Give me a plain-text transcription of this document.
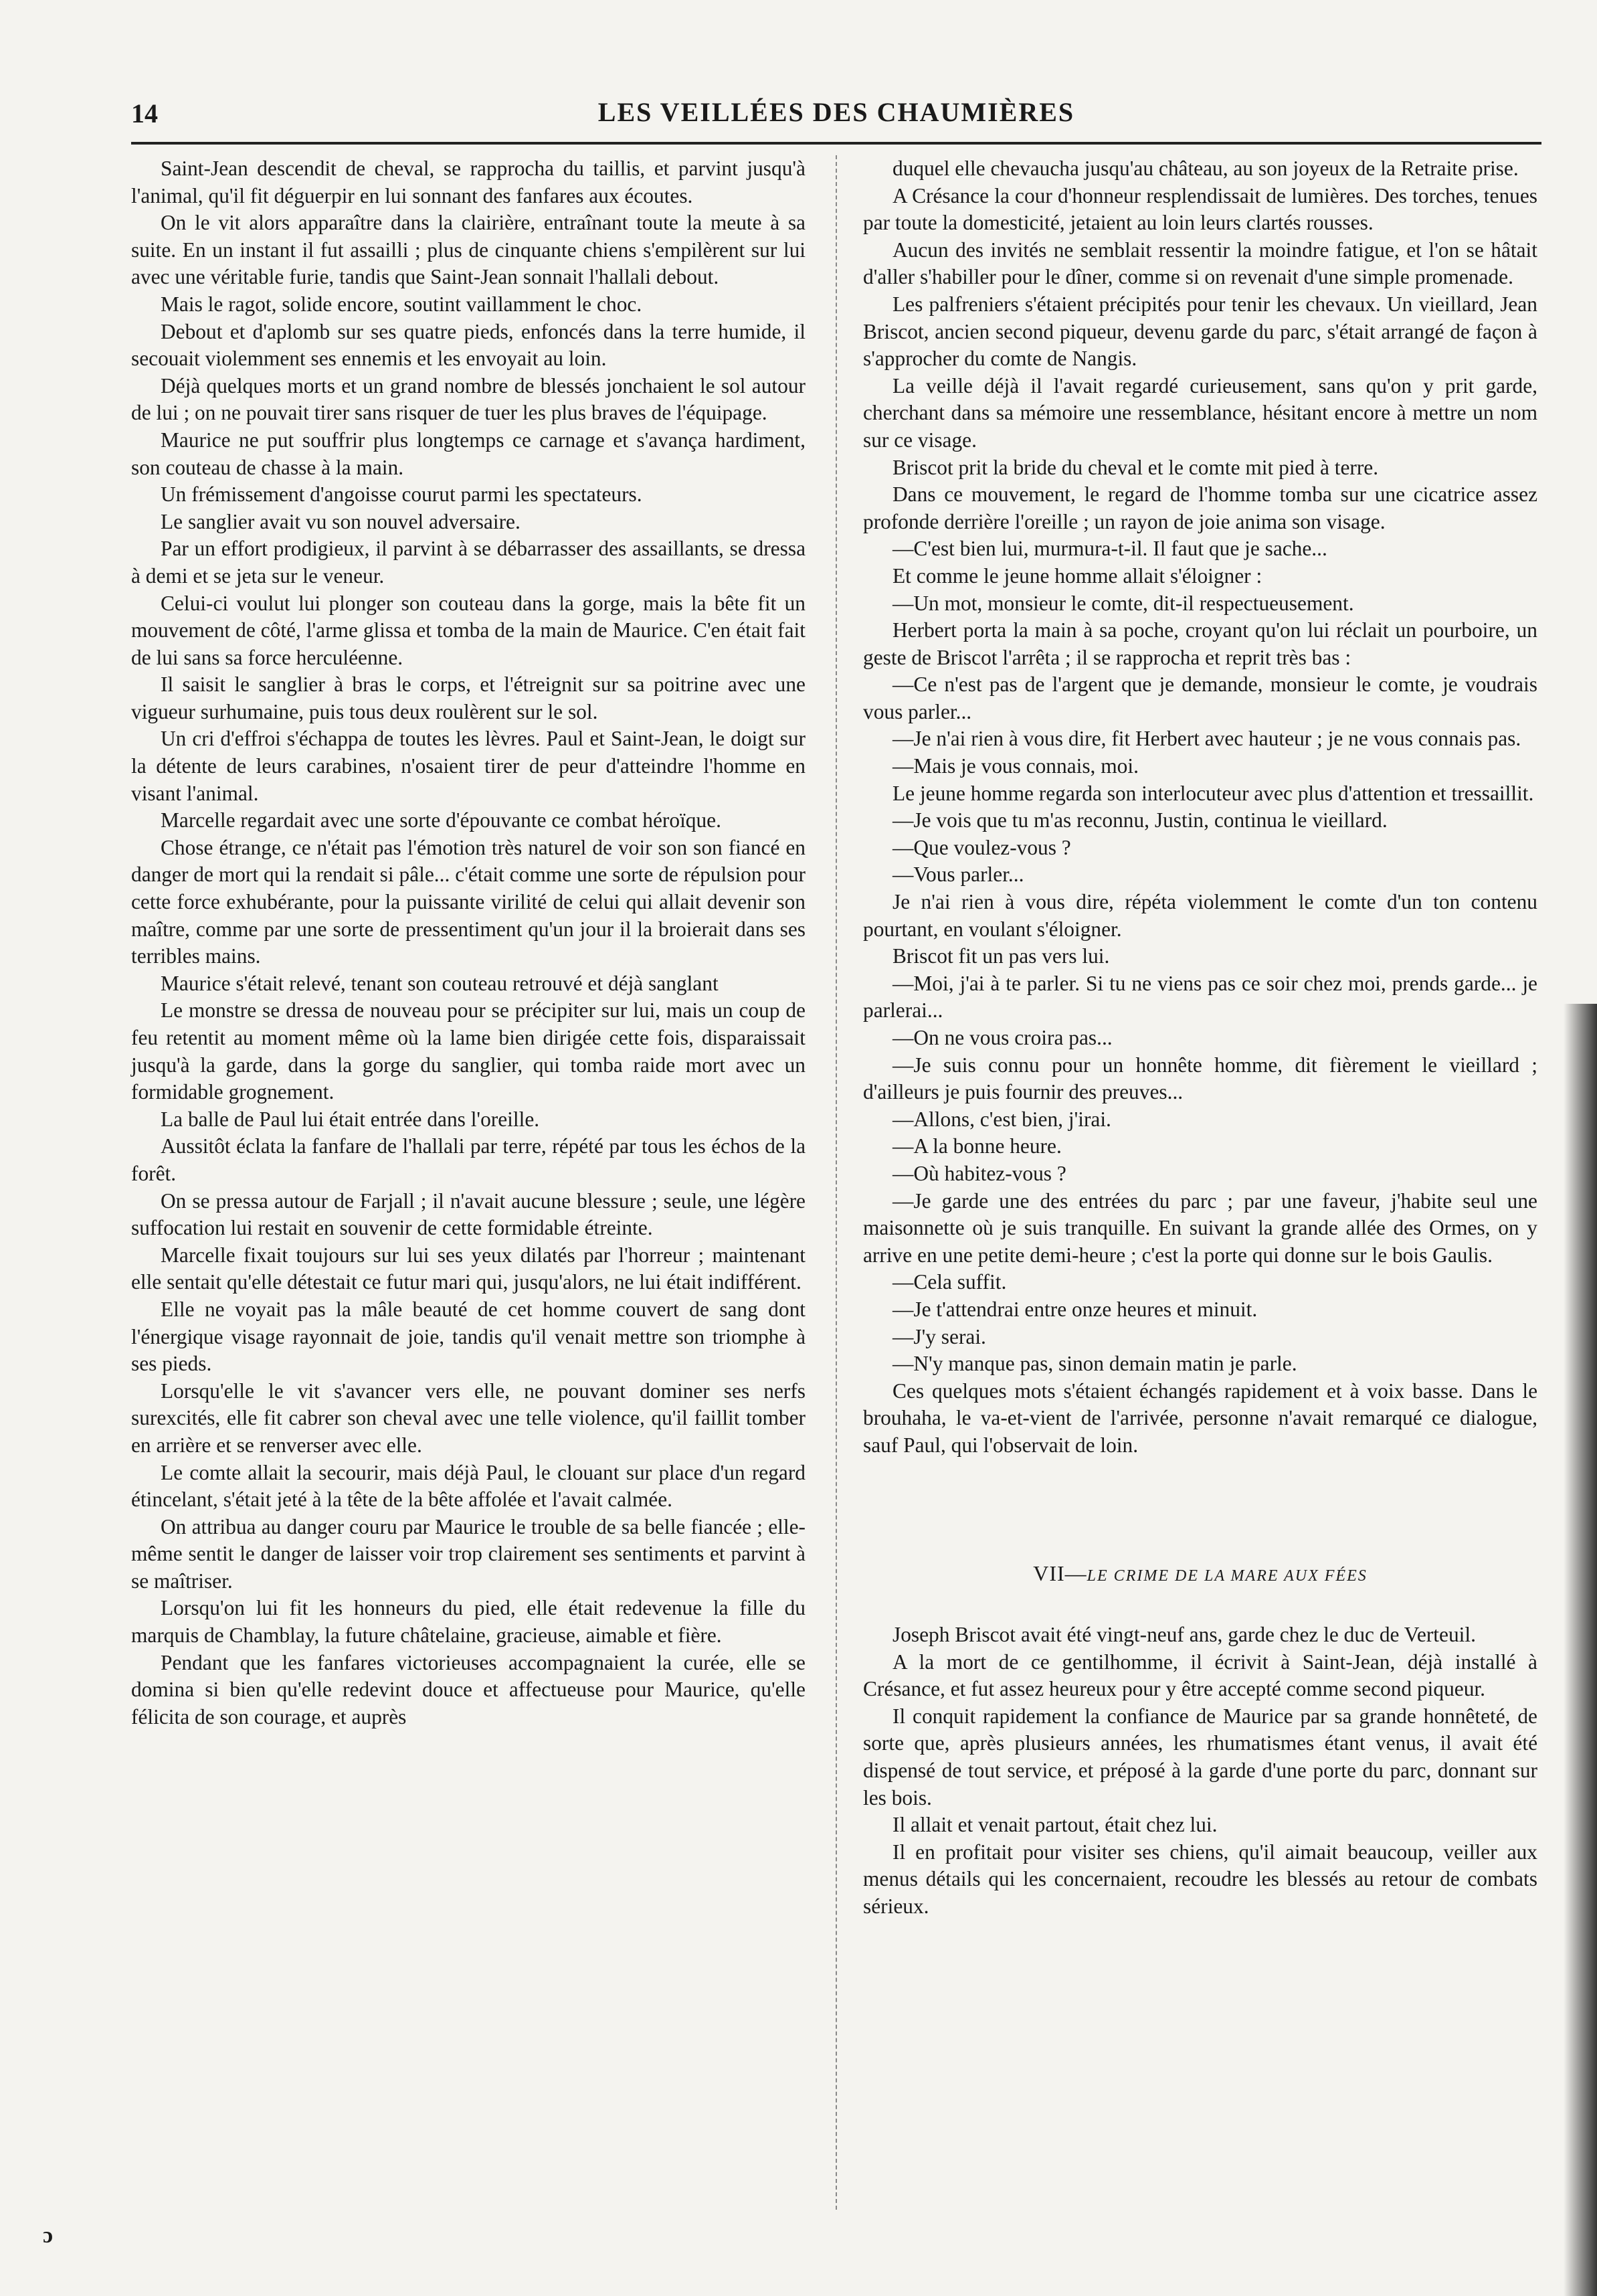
14	LES VEILLÉES DES CHAUMIÈRES

Saint-Jean descendit de cheval, se rapprocha du taillis, et parvint jusqu'à l'animal, qu'il fit déguerpir en lui sonnant des fanfares aux écoutes.

On le vit alors apparaître dans la clairière, entraînant toute la meute à sa suite. En un instant il fut assailli ; plus de cinquante chiens s'empilèrent sur lui avec une véritable furie, tandis que Saint-Jean sonnait l'hallali debout.

Mais le ragot, solide encore, soutint vaillamment le choc.

Debout et d'aplomb sur ses quatre pieds, enfoncés dans la terre humide, il secouait violemment ses ennemis et les envoyait au loin.

Déjà quelques morts et un grand nombre de blessés jonchaient le sol autour de lui ; on ne pouvait tirer sans risquer de tuer les plus braves de l'équipage.

Maurice ne put souffrir plus longtemps ce carnage et s'avança hardiment, son couteau de chasse à la main.

Un frémissement d'angoisse courut parmi les spectateurs.

Le sanglier avait vu son nouvel adversaire.

Par un effort prodigieux, il parvint à se débarrasser des assaillants, se dressa à demi et se jeta sur le veneur.

Celui-ci voulut lui plonger son couteau dans la gorge, mais la bête fit un mouvement de côté, l'arme glissa et tomba de la main de Maurice. C'en était fait de lui sans sa force herculéenne.

Il saisit le sanglier à bras le corps, et l'étreignit sur sa poitrine avec une vigueur surhumaine, puis tous deux roulèrent sur le sol.

Un cri d'effroi s'échappa de toutes les lèvres. Paul et Saint-Jean, le doigt sur la détente de leurs carabines, n'osaient tirer de peur d'atteindre l'homme en visant l'animal.

Marcelle regardait avec une sorte d'épouvante ce combat héroïque.

Chose étrange, ce n'était pas l'émotion très naturel de voir son son fiancé en danger de mort qui la rendait si pâle... c'était comme une sorte de répulsion pour cette force exhubérante, pour la puissante virilité de celui qui allait devenir son maître, comme par une sorte de pressentiment qu'un jour il la broierait dans ses terribles mains.

Maurice s'était relevé, tenant son couteau retrouvé et déjà sanglant

Le monstre se dressa de nouveau pour se précipiter sur lui, mais un coup de feu retentit au moment même où la lame bien dirigée cette fois, disparaissait jusqu'à la garde, dans la gorge du sanglier, qui tomba raide mort avec un formidable grognement.

La balle de Paul lui était entrée dans l'oreille.

Aussitôt éclata la fanfare de l'hallali par terre, répété par tous les échos de la forêt.

On se pressa autour de Farjall ; il n'avait aucune blessure ; seule, une légère suffocation lui restait en souvenir de cette formidable étreinte.

Marcelle fixait toujours sur lui ses yeux dilatés par l'horreur ; maintenant elle sentait qu'elle détestait ce futur mari qui, jusqu'alors, ne lui était indifférent.

Elle ne voyait pas la mâle beauté de cet homme couvert de sang dont l'énergique visage rayonnait de joie, tandis qu'il venait mettre son triomphe à ses pieds.

Lorsqu'elle le vit s'avancer vers elle, ne pouvant dominer ses nerfs surexcités, elle fit cabrer son cheval avec une telle violence, qu'il faillit tomber en arrière et se renverser avec elle.

Le comte allait la secourir, mais déjà Paul, le clouant sur place d'un regard étincelant, s'était jeté à la tête de la bête affolée et l'avait calmée.

On attribua au danger couru par Maurice le trouble de sa belle fiancée ; elle-même sentit le danger de laisser voir trop clairement ses sentiments et parvint à se maîtriser.

Lorsqu'on lui fit les honneurs du pied, elle était redevenue la fille du marquis de Chamblay, la future châtelaine, gracieuse, aimable et fière.

Pendant que les fanfares victorieuses accompagnaient la curée, elle se domina si bien qu'elle redevint douce et affectueuse pour Maurice, qu'elle félicita de son courage, et auprès

duquel elle chevaucha jusqu'au château, au son joyeux de la Retraite prise.

A Crésance la cour d'honneur resplendissait de lumières. Des torches, tenues par toute la domesticité, jetaient au loin leurs clartés rousses.

Aucun des invités ne semblait ressentir la moindre fatigue, et l'on se hâtait d'aller s'habiller pour le dîner, comme si on revenait d'une simple promenade.

Les palfreniers s'étaient précipités pour tenir les chevaux. Un vieillard, Jean Briscot, ancien second piqueur, devenu garde du parc, s'était arrangé de façon à s'approcher du comte de Nangis.

La veille déjà il l'avait regardé curieusement, sans qu'on y prit garde, cherchant dans sa mémoire une ressemblance, hésitant encore à mettre un nom sur ce visage.

Briscot prit la bride du cheval et le comte mit pied à terre.

Dans ce mouvement, le regard de l'homme tomba sur une cicatrice assez profonde derrière l'oreille ; un rayon de joie anima son visage.

—C'est bien lui, murmura-t-il. Il faut que je sache...

Et comme le jeune homme allait s'éloigner :

—Un mot, monsieur le comte, dit-il respectueusement.

Herbert porta la main à sa poche, croyant qu'on lui réclait un pourboire, un geste de Briscot l'arrêta ; il se rapprocha et reprit très bas :

—Ce n'est pas de l'argent que je demande, monsieur le comte, je voudrais vous parler...

—Je n'ai rien à vous dire, fit Herbert avec hauteur ; je ne vous connais pas.

—Mais je vous connais, moi.

Le jeune homme regarda son interlocuteur avec plus d'attention et tressaillit.

—Je vois que tu m'as reconnu, Justin, continua le vieillard.

—Que voulez-vous ?

—Vous parler...

Je n'ai rien à vous dire, répéta violemment le comte d'un ton contenu pourtant, en voulant s'éloigner.

Briscot fit un pas vers lui.

—Moi, j'ai à te parler. Si tu ne viens pas ce soir chez moi, prends garde... je parlerai...

—On ne vous croira pas...

—Je suis connu pour un honnête homme, dit fièrement le vieillard ; d'ailleurs je puis fournir des preuves...

—Allons, c'est bien, j'irai.

—A la bonne heure.

—Où habitez-vous ?

—Je garde une des entrées du parc ; par une faveur, j'habite seul une maisonnette où je suis tranquille. En suivant la grande allée des Ormes, on y arrive en une petite demi-heure ; c'est la porte qui donne sur le bois Gaulis.

—Cela suffit.

—Je t'attendrai entre onze heures et minuit.

—J'y serai.

—N'y manque pas, sinon demain matin je parle.

Ces quelques mots s'étaient échangés rapidement et à voix basse. Dans le brouhaha, le va-et-vient de l'arrivée, personne n'avait remarqué ce dialogue, sauf Paul, qui l'observait de loin.

VII—LE CRIME DE LA MARE AUX FÉES

Joseph Briscot avait été vingt-neuf ans, garde chez le duc de Verteuil.

A la mort de ce gentilhomme, il écrivit à Saint-Jean, déjà installé à Crésance, et fut assez heureux pour y être accepté comme second piqueur.

Il conquit rapidement la confiance de Maurice par sa grande honnêteté, de sorte que, après plusieurs années, les rhumatismes étant venus, il avait été dispensé de tout service, et préposé à la garde d'une porte du parc, donnant sur les bois.

Il allait et venait partout, était chez lui.

Il en profitait pour visiter ses chiens, qu'il aimait beaucoup, veiller aux menus détails qui les concernaient, recoudre les blessés au retour de combats sérieux.

ɔ
